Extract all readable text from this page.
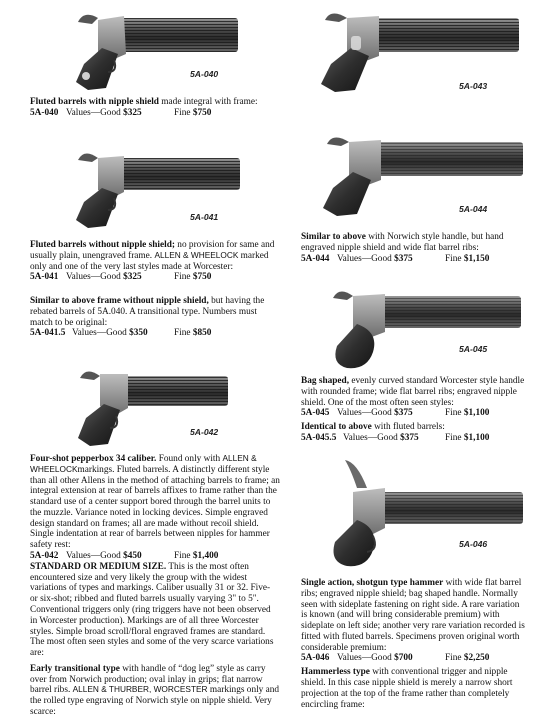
5A-040

Fluted barrels with nipple shield made integral with frame:

5A-040 Values—Good $325	Fine $750
5A-041

Fluted barrels without nipple shield; no provision for same and usually plain, unengraved frame. ALLEN & WHEELOCK marked only and one of the very last styles made at Worcester:

5A-041 Values—Good $325	Fine $750

Similar to above frame without nipple shield, but having the rebated barrels of 5A.040. A transitional type. Numbers must match to be original:

5A-041.5 Values—Good $350	Fine $850
5A-042

Four-shot pepperbox 34 caliber. Found only with ALLEN & WHEELOCKmarkings. Fluted barrels. A distinctly different style than all other Allens in the method of attaching barrels to frame; an integral extension at rear of barrels affixes to frame rather than the standard use of a center support bored through the barrel units to the muzzle. Variance noted in locking devices. Simple engraved design standard on frames; all are made without recoil shield. Single indentation at rear of barrels between nipples for hammer safety rest:

5A-042 Values—Good $450	Fine $1,400

STANDARD OR MEDIUM SIZE. This is the most often encountered size and very likely the group with the widest variations of types and markings. Caliber usually 31 or 32. Five- or six-shot; ribbed and fluted barrels usually varying 3" to 5". Conventional triggers only (ring triggers have not been observed in Worcester production). Markings are of all three Worcester styles. Simple broad scroll/floral engraved frames are standard. The most often seen styles and some of the very scarce variations are:

Early transitional type with handle of “dog leg” style as carry over from Norwich production; oval inlay in grips; flat narrow barrel ribs. ALLEN & THURBER, WORCESTER markings only and the rolled type engraving of Norwich style on nipple shield. Very scarce:

5A-043
5A-044

Similar to above with Norwich style handle, but hand engraved nipple shield and wide flat barrel ribs:

5A-044 Values—Good $375	Fine $1,150
5A-045

Bag shaped, evenly curved standard Worcester style handle with rounded frame; wide flat barrel ribs; engraved nipple shield. One of the most often seen styles:

5A-045 Values—Good $375	Fine $1,100

Identical to above with fluted barrels:

5A-045.5 Values—Good $375	Fine $1,100
5A-046

Single action, shotgun type hammer with wide flat barrel ribs; engraved nipple shield; bag shaped handle. Normally seen with sideplate fastening on right side. A rare variation is known (and will bring considerable premium) with sideplate on left side; another very rare variation recorded is fitted with fluted barrels. Specimens proven original worth considerable premium:

5A-046 Values—Good $700	Fine $2,250

Hammerless type with conventional trigger and nipple shield. In this case nipple shield is merely a narrow short projection at the top of the frame rather than completely encircling frame:
